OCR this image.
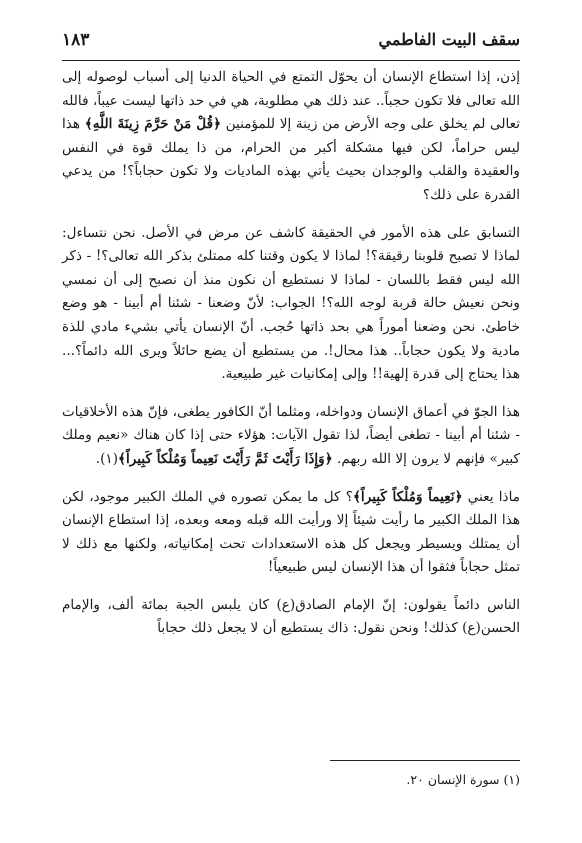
سقف البيت الفاطمي
١٨٣

إذن، إذا استطاع الإنسان أن يحوّل التمتع في الحياة الدنيا إلى أسباب لوصوله إلى الله تعالى فلا تكون حجباً.. عند ذلك هي مطلوبة، هي في حد ذاتها ليست عيباً، فالله تعالى لم يخلق على وجه الأرض من زينة إلا للمؤمنين ﴿قُلْ مَنْ حَرَّمَ زِينَةَ اللَّهِ﴾ هذا ليس حراماً، لكن فيها مشكلة أكبر من الحرام، من ذا يملك قوة في النفس والعقيدة والقلب والوجدان بحيث يأتي بهذه الماديات ولا تكون حجاباً؟! من يدعي القدرة على ذلك؟

التسابق على هذه الأمور في الحقيقة كاشف عن مرض في الأصل. نحن نتساءل: لماذا لا تصبح قلوبنا رقيقة؟! لماذا لا يكون وقتنا كله ممتلئ بذكر الله تعالى؟! - ذكر الله ليس فقط باللسان - لماذا لا نستطيع أن نكون منذ أن نصبح إلى أن نمسي ونحن نعيش حالة قربة لوجه الله؟! الجواب: لأنّ وضعنا - شئنا أم أبينا - هو وضع خاطئ. نحن وضعنا أموراً هي بحد ذاتها حُجب. أنّ الإنسان يأتي بشيء مادي للذة مادية ولا يكون حجاباً.. هذا محال!. من يستطيع أن يضع حائلاً ويرى الله دائماً؟... هذا يحتاج إلى قدرة إلهية!! وإلى إمكانيات غير طبيعية.

هذا الجوّ في أعماق الإنسان ودواخله، ومثلما أنّ الكافور يطغى، فإنّ هذه الأخلاقيات - شئنا أم أبينا - تطغى أيضاً، لذا تقول الآيات: هؤلاء حتى إذا كان هناك «نعيم وملك كبير» فإنهم لا يرون إلا الله ربهم. ﴿وَإِذَا رَأَيْتَ ثَمَّ رَأَيْتَ نَعِيماً وَمُلْكاً كَبِيراً﴾(١).

ماذا يعني ﴿نَعِيماً وَمُلْكاً كَبِيراً﴾؟ كل ما يمكن تصوره في الملك الكبير موجود، لكن هذا الملك الكبير ما رأيت شيئاً إلا ورأيت الله قبله ومعه وبعده، إذا استطاع الإنسان أن يمتلك ويسيطر ويجعل كل هذه الاستعدادات تحت إمكانياته، ولكنها مع ذلك لا تمثل حجاباً فثقوا أن هذا الإنسان ليس طبيعياً!

الناس دائماً يقولون: إنّ الإمام الصادق(ع) كان يلبس الجبة بمائة ألف، والإمام الحسن(ع) كذلك! ونحن نقول: ذاك يستطيع أن لا يجعل ذلك حجاباً

(١) سورة الإنسان ٢٠.
